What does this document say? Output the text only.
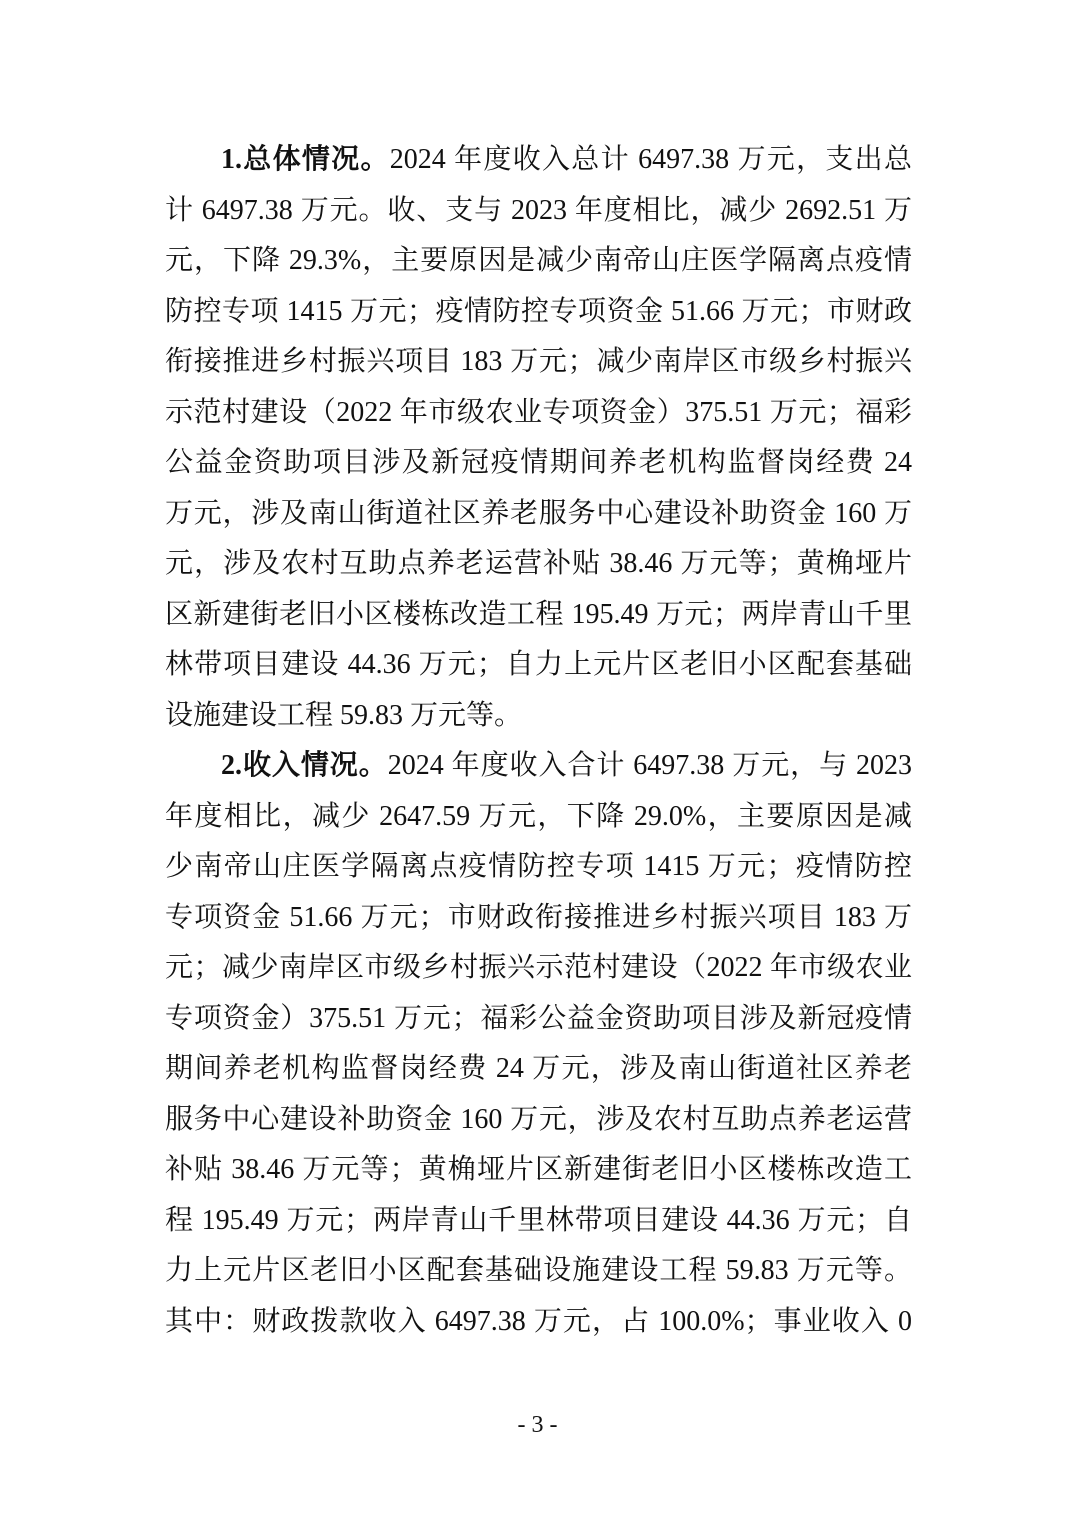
1.总体情况。2024 年度收入总计 6497.38 万元，支出总
计 6497.38 万元。收、支与 2023 年度相比，减少 2692.51 万
元，下降 29.3%，主要原因是减少南帝山庄医学隔离点疫情
防控专项 1415 万元；疫情防控专项资金 51.66 万元；市财政
衔接推进乡村振兴项目 183 万元；减少南岸区市级乡村振兴
示范村建设（2022 年市级农业专项资金）375.51 万元；福彩
公益金资助项目涉及新冠疫情期间养老机构监督岗经费 24
万元，涉及南山街道社区养老服务中心建设补助资金 160 万
元，涉及农村互助点养老运营补贴 38.46 万元等；黄桷垭片
区新建街老旧小区楼栋改造工程 195.49 万元；两岸青山千里
林带项目建设 44.36 万元；自力上元片区老旧小区配套基础
设施建设工程 59.83 万元等。
2.收入情况。2024 年度收入合计 6497.38 万元，与 2023
年度相比，减少 2647.59 万元，下降 29.0%，主要原因是减
少南帝山庄医学隔离点疫情防控专项 1415 万元；疫情防控
专项资金 51.66 万元；市财政衔接推进乡村振兴项目 183 万
元；减少南岸区市级乡村振兴示范村建设（2022 年市级农业
专项资金）375.51 万元；福彩公益金资助项目涉及新冠疫情
期间养老机构监督岗经费 24 万元，涉及南山街道社区养老
服务中心建设补助资金 160 万元，涉及农村互助点养老运营
补贴 38.46 万元等；黄桷垭片区新建街老旧小区楼栋改造工
程 195.49 万元；两岸青山千里林带项目建设 44.36 万元；自
力上元片区老旧小区配套基础设施建设工程 59.83 万元等。
其中：财政拨款收入 6497.38 万元，占 100.0%；事业收入 0
- 3 -
